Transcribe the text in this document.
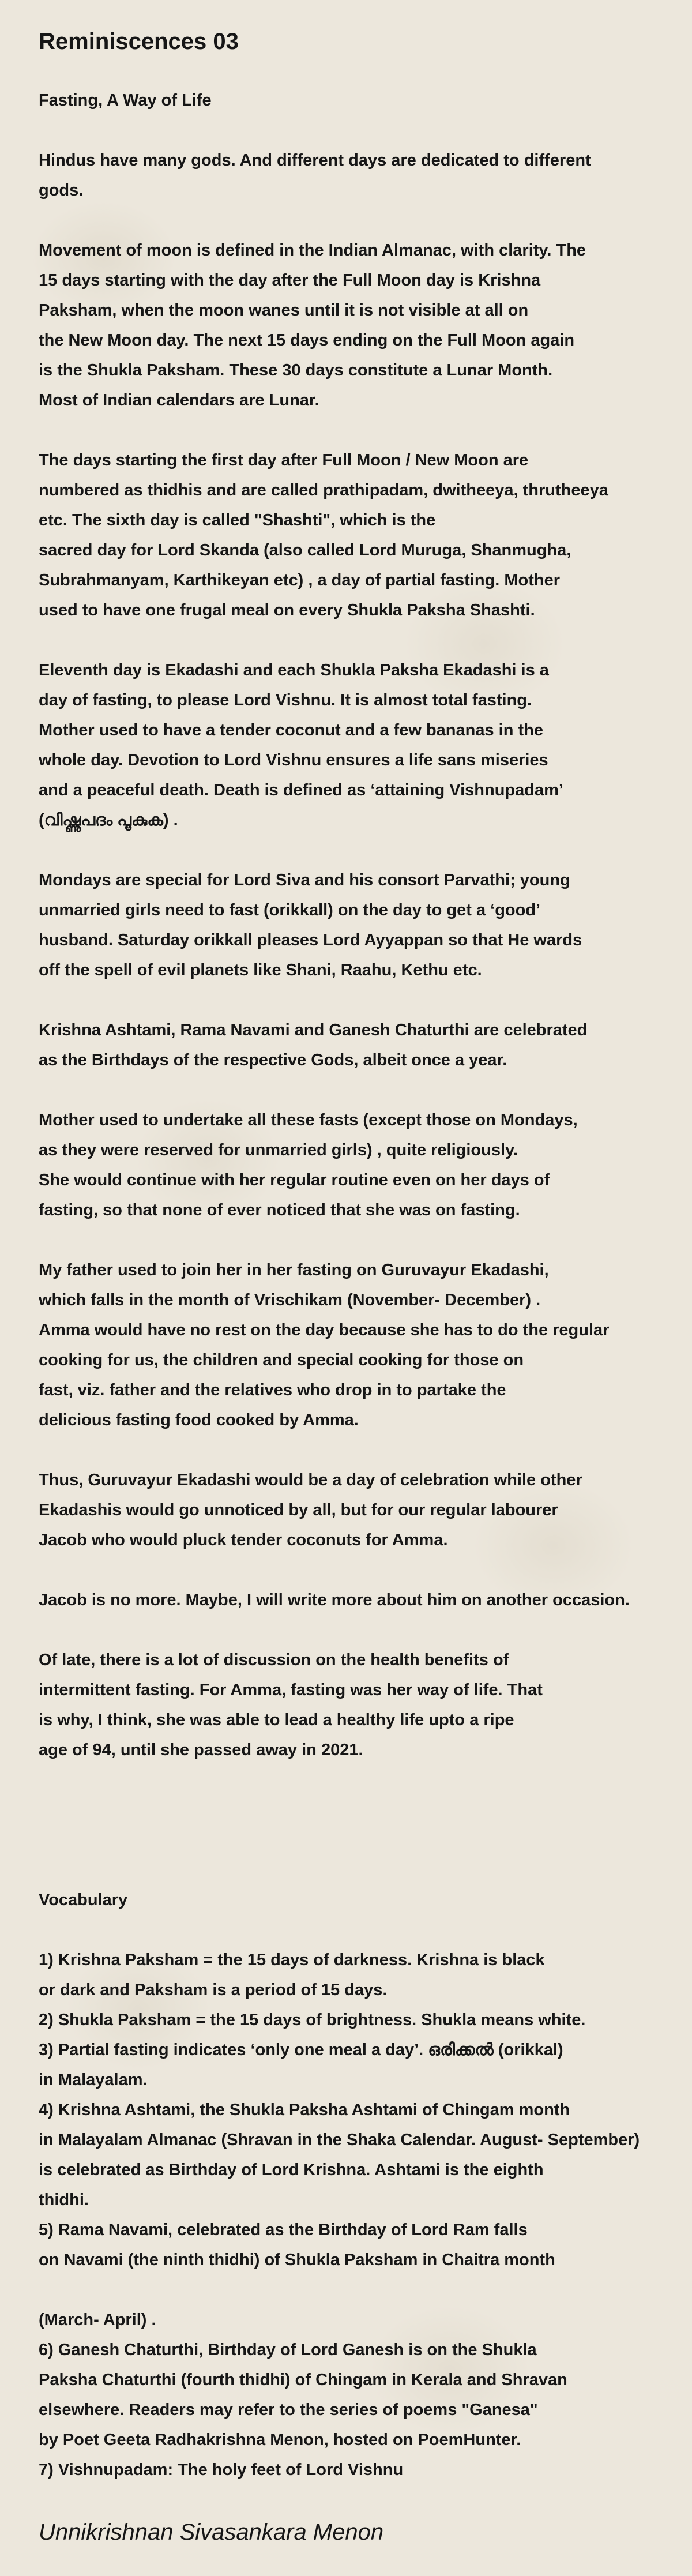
Reminiscences 03
Fasting, A Way of Life
Hindus have many gods. And different days are dedicated to different
gods.
Movement of moon is defined in the Indian Almanac, with clarity. The
15 days starting with the day after the Full Moon day is Krishna
Paksham, when the moon wanes until it is not visible at all on
the New Moon day. The next 15 days ending on the Full Moon again
is the Shukla Paksham. These 30 days constitute a Lunar Month.
Most of Indian calendars are Lunar.
The days starting the first day after Full Moon / New Moon are
numbered as thidhis and are called prathipadam, dwitheeya, thrutheeya
etc. The sixth day is called "Shashti", which is the
sacred day for Lord Skanda (also called Lord Muruga, Shanmugha,
Subrahmanyam, Karthikeyan etc) , a day of partial fasting. Mother
used to have one frugal meal on every Shukla Paksha Shashti.
Eleventh day is Ekadashi and each Shukla Paksha Ekadashi is a
day of fasting, to please Lord Vishnu. It is almost total fasting.
Mother used to have a tender coconut and a few bananas in the
whole day. Devotion to Lord Vishnu ensures a life sans miseries
and a peaceful death. Death is defined as ‘attaining Vishnupadam’
(വിഷ്ണുപദം പൂകുക) .
Mondays are special for Lord Siva and his consort Parvathi; young
unmarried girls need to fast (orikkall) on the day to get a ‘good’
husband. Saturday orikkall pleases Lord Ayyappan so that He wards
off the spell of evil planets like Shani, Raahu, Kethu etc.
Krishna Ashtami, Rama Navami and Ganesh Chaturthi are celebrated
as the Birthdays of the respective Gods, albeit once a year.
Mother used to undertake all these fasts (except those on Mondays,
as they were reserved for unmarried girls) , quite religiously.
She would continue with her regular routine even on her days of
fasting, so that none of ever noticed that she was on fasting.
My father used to join her in her fasting on Guruvayur Ekadashi,
which falls in the month of Vrischikam (November- December) .
Amma would have no rest on the day because she has to do the regular
cooking for us, the children and special cooking for those on
fast, viz. father and the relatives who drop in to partake the
delicious fasting food cooked by Amma.
Thus, Guruvayur Ekadashi would be a day of celebration while other
Ekadashis would go unnoticed by all, but for our regular labourer
Jacob who would pluck tender coconuts for Amma.
Jacob is no more. Maybe, I will write more about him on another occasion.
Of late, there is a lot of discussion on the health benefits of
intermittent fasting. For Amma, fasting was her way of life. That
is why, I think, she was able to lead a healthy life upto a ripe
age of 94, until she passed away in 2021.
Vocabulary
1) Krishna Paksham = the 15 days of darkness. Krishna is black
or dark and Paksham is a period of 15 days.
2) Shukla Paksham = the 15 days of brightness. Shukla means white.
3) Partial fasting indicates ‘only one meal a day’. ഒരിക്കൽ (orikkal)
in Malayalam.
4) Krishna Ashtami, the Shukla Paksha Ashtami of Chingam month
in Malayalam Almanac (Shravan in the Shaka Calendar. August- September)
is celebrated as Birthday of Lord Krishna. Ashtami is the eighth
thidhi.
5) Rama Navami, celebrated as the Birthday of Lord Ram falls
on Navami (the ninth thidhi) of Shukla Paksham in Chaitra month
(March- April) .
6) Ganesh Chaturthi, Birthday of Lord Ganesh is on the Shukla
Paksha Chaturthi (fourth thidhi) of Chingam in Kerala and Shravan
elsewhere. Readers may refer to the series of poems "Ganesa"
by Poet Geeta Radhakrishna Menon, hosted on PoemHunter.
7) Vishnupadam: The holy feet of Lord Vishnu
Unnikrishnan Sivasankara Menon
